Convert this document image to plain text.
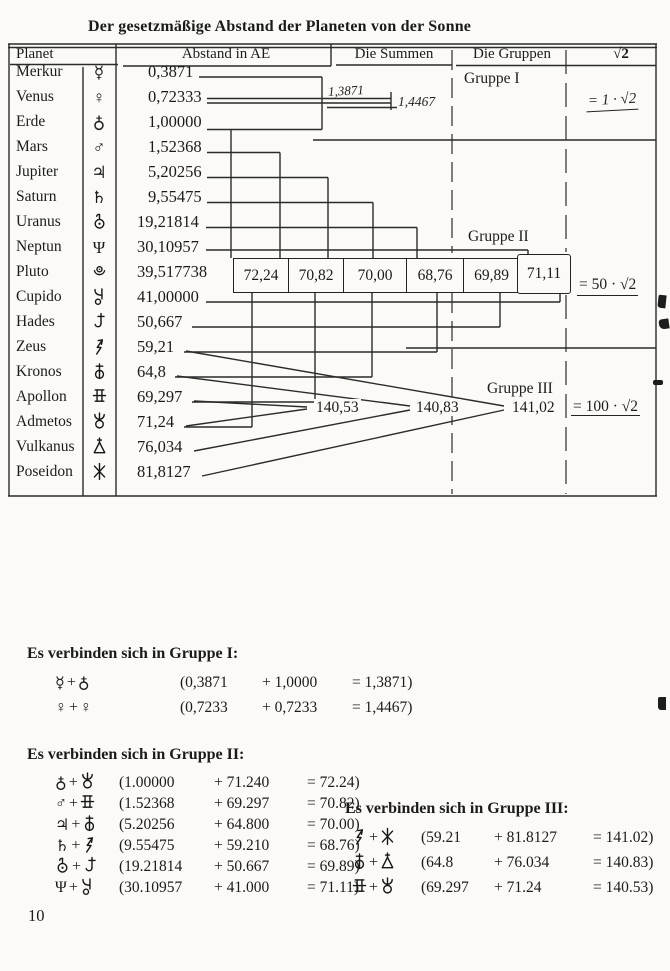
Der gesetzmäßige Abstand der Planeten von der Sonne
Planet	Abstand in AE	Die Summen	Die Gruppen	√2
Merkur	☿	0,3871
Venus	♀	0,72333
Erde	♁	1,00000
Mars	♂	1,52368
Jupiter	♃	5,20256
Saturn	♄	9,55475
Uranus	19,21814
Neptun	Ψ	30,10957
Pluto	39,517738
Cupido	41,00000
Hades	50,667
Zeus	59,21
Kronos	64,8
Apollon	69,297
Admetos	71,24
Vulkanus	76,034
Poseidon	81,8127
72,24	70,82	70,00	68,76	69,89	71,11
Gruppe I
Gruppe II
Gruppe III
1,3871
1,4467	= 1 · √2
= 50 · √2
140,53	140,83	141,02 = 100 · √2
Es verbinden sich in Gruppe I:
☿ + ♁	(0,3871	+ 1,0000	= 1,3871)
♀ + ♀	(0,7233	+ 0,7233	= 1,4467)
Es verbinden sich in Gruppe II:
♁ +	(1.00000	+ 71.240	= 72.24)
♂ +	(1.52368	+ 69.297	= 70.82)
♃ + (5.20256	+ 64.800	= 70.00)
♄ + (9.55475	+ 59.210	= 68.76)
+ (19.21814	+ 50.667	= 69.89)
Ψ +	(30.10957	+ 41.000	= 71.11)
Es verbinden sich in Gruppe III:
+	(59.21	+ 81.8127	= 141.02)
+	(64.8	+ 76.034	= 140.83)
+	(69.297	+ 71.24	= 140.53)
10
